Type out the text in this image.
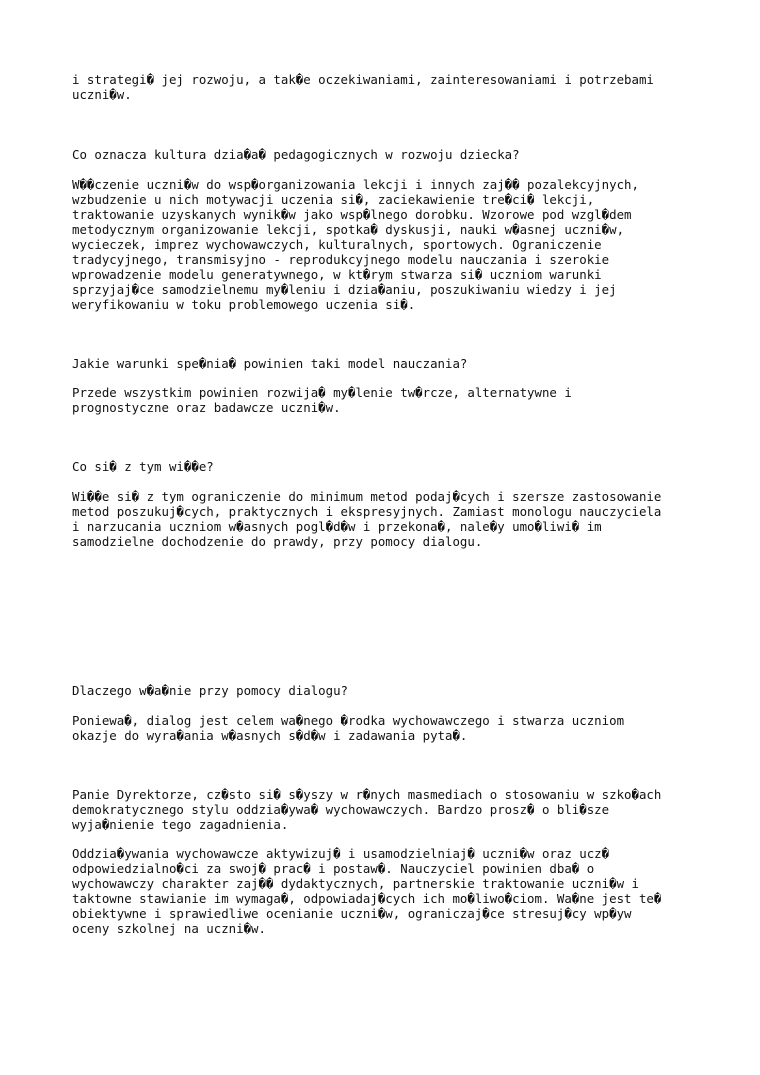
i strategi� jej rozwoju, a tak�e oczekiwaniami, zainteresowaniami i potrzebami
uczni�w.

Co oznacza kultura dzia�a� pedagogicznych w rozwoju dziecka?

W��czenie uczni�w do wsp�organizowania lekcji i innych zaj�� pozalekcyjnych,
wzbudzenie u nich motywacji uczenia si�, zaciekawienie tre�ci� lekcji,
traktowanie uzyskanych wynik�w jako wsp�lnego dorobku. Wzorowe pod wzgl�dem
metodycznym organizowanie lekcji, spotka� dyskusji, nauki w�asnej uczni�w,
wycieczek, imprez wychowawczych, kulturalnych, sportowych. Ograniczenie
tradycyjnego, transmisyjno - reprodukcyjnego modelu nauczania i szerokie
wprowadzenie modelu generatywnego, w kt�rym stwarza si� uczniom warunki
sprzyjaj�ce samodzielnemu my�leniu i dzia�aniu, poszukiwaniu wiedzy i jej
weryfikowaniu w toku problemowego uczenia si�.

Jakie warunki spe�nia� powinien taki model nauczania?

Przede wszystkim powinien rozwija� my�lenie tw�rcze, alternatywne i
prognostyczne oraz badawcze uczni�w.

Co si� z tym wi��e?

Wi��e si� z tym ograniczenie do minimum metod podaj�cych i szersze zastosowanie
metod poszukuj�cych, praktycznych i ekspresyjnych. Zamiast monologu nauczyciela
i narzucania uczniom w�asnych pogl�d�w i przekona�, nale�y umo�liwi� im
samodzielne dochodzenie do prawdy, przy pomocy dialogu.

Dlaczego w�a�nie przy pomocy dialogu?

Poniewa�, dialog jest celem wa�nego �rodka wychowawczego i stwarza uczniom
okazje do wyra�ania w�asnych s�d�w i zadawania pyta�.

Panie Dyrektorze, cz�sto si� s�yszy w r�nych masmediach o stosowaniu w szko�ach
demokratycznego stylu oddzia�ywa� wychowawczych. Bardzo prosz� o bli�sze
wyja�nienie tego zagadnienia.

Oddzia�ywania wychowawcze aktywizuj� i usamodzielniaj� uczni�w oraz ucz�
odpowiedzialno�ci za swoj� prac� i postaw�. Nauczyciel powinien dba� o
wychowawczy charakter zaj�� dydaktycznych, partnerskie traktowanie uczni�w i
taktowne stawianie im wymaga�, odpowiadaj�cych ich mo�liwo�ciom. Wa�ne jest te�
obiektywne i sprawiedliwe ocenianie uczni�w, ograniczaj�ce stresuj�cy wp�yw
oceny szkolnej na uczni�w.
